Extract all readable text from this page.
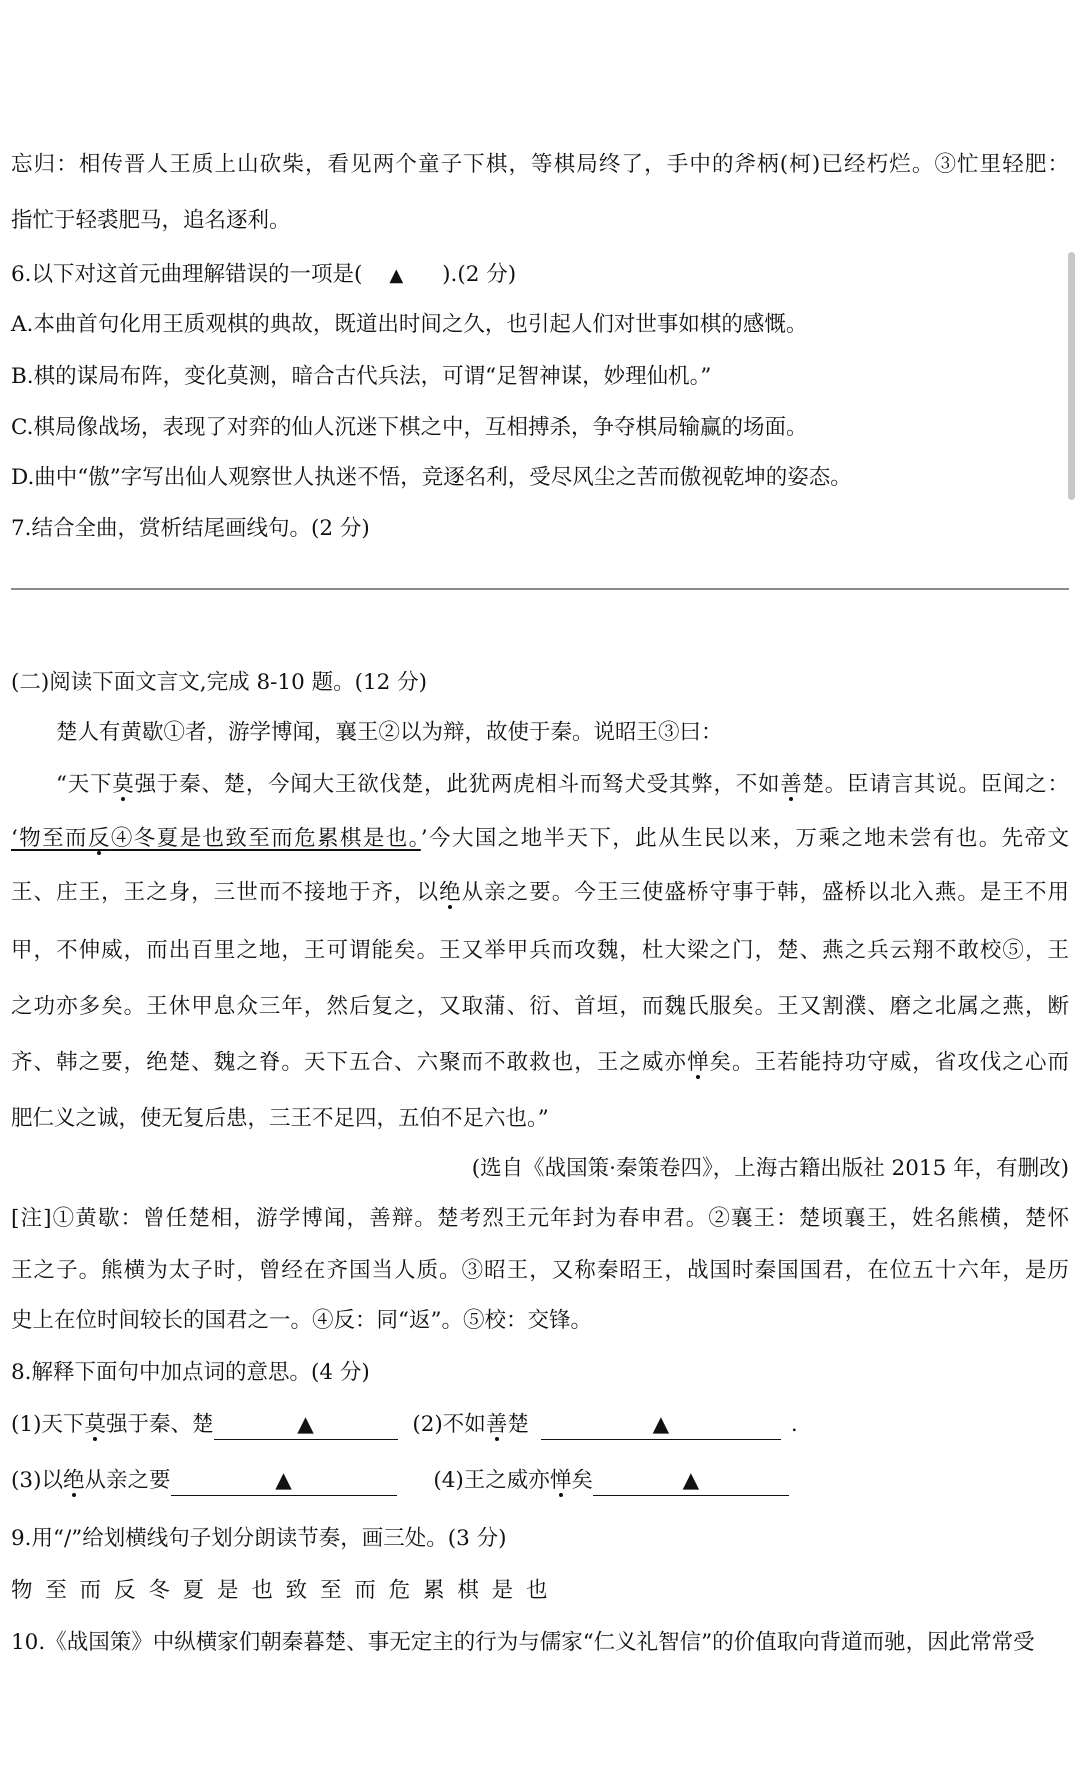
忘归：相传晋人王质上山砍柴，看见两个童子下棋，等棋局终了，手中的斧柄(柯)已经朽烂。③忙里轻肥：
指忙于轻裘肥马，追名逐利。
6.以下对这首元曲理解错误的一项是( ▲ ).(2 分)
A.本曲首句化用王质观棋的典故，既道出时间之久，也引起人们对世事如棋的感慨。
B.棋的谋局布阵，变化莫测，暗合古代兵法，可谓“足智神谋，妙理仙机。”
C.棋局像战场，表现了对弈的仙人沉迷下棋之中，互相搏杀，争夺棋局输赢的场面。
D.曲中“傲”字写出仙人观察世人执迷不悟，竞逐名利，受尽风尘之苦而傲视乾坤的姿态。
7.结合全曲，赏析结尾画线句。(2 分)
(二)阅读下面文言文,完成 8-10 题。(12 分)
楚人有黄歇①者，游学博闻，襄王②以为辩，故使于秦。说昭王③曰：
“天下莫强于秦、楚，今闻大王欲伐楚，此犹两虎相斗而驽犬受其弊，不如善楚。臣请言其说。臣闻之：
‘物至而反④冬夏是也致至而危累棋是也。’今大国之地半天下，此从生民以来，万乘之地未尝有也。先帝文
王、庄王，王之身，三世而不接地于齐，以绝从亲之要。今王三使盛桥守事于韩，盛桥以北入燕。是王不用
甲，不伸威，而出百里之地，王可谓能矣。王又举甲兵而攻魏，杜大梁之门，楚、燕之兵云翔不敢校⑤，王
之功亦多矣。王休甲息众三年，然后复之，又取蒲、衍、首垣，而魏氏服矣。王又割濮、磨之北属之燕，断
齐、韩之要，绝楚、魏之脊。天下五合、六聚而不敢救也，王之威亦惮矣。王若能持功守威，省攻伐之心而
肥仁义之诚，使无复后患，三王不足四，五伯不足六也。”
(选自《战国策·秦策卷四》，上海古籍出版社 2015 年，有删改)
[注]①黄歇：曾任楚相，游学博闻，善辩。楚考烈王元年封为春申君。②襄王：楚顷襄王，姓名熊横，楚怀
王之子。熊横为太子时，曾经在齐国当人质。③昭王，又称秦昭王，战国时秦国国君，在位五十六年，是历
史上在位时间较长的国君之一。④反：同“返”。⑤校：交锋。
8.解释下面句中加点词的意思。(4 分)
(1)天下莫强于秦、楚	▲	(2)不如善楚	▲	.
(3)以绝从亲之要	▲	(4)王之威亦惮矣	▲
9.用“/”给划横线句子划分朗读节奏，画三处。(3 分)
物 至 而 反 冬 夏 是 也 致 至 而 危 累 棋 是 也
10.《战国策》中纵横家们朝秦暮楚、事无定主的行为与儒家“仁义礼智信”的价值取向背道而驰，因此常常受
